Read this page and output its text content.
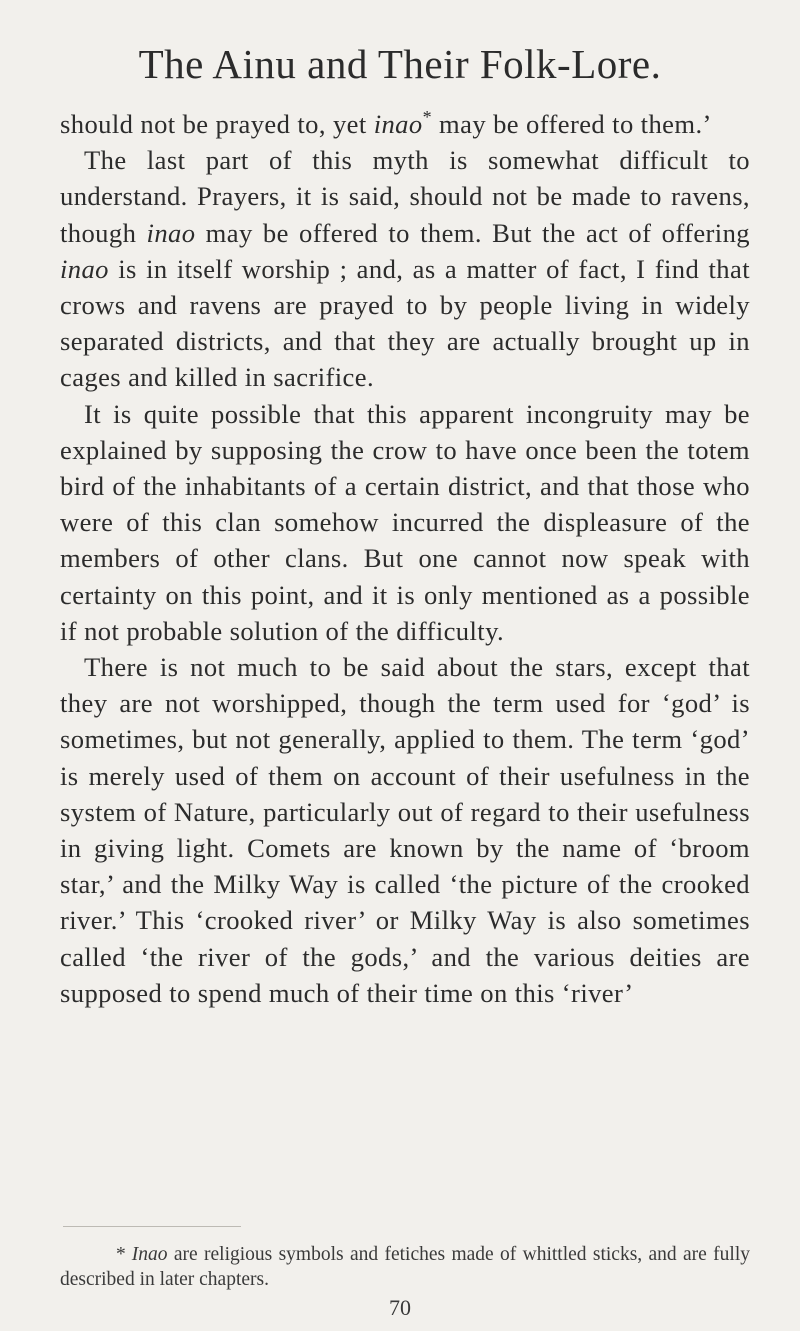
The Ainu and Their Folk-Lore.

should not be prayed to, yet inao* may be offered to them.’

The last part of this myth is somewhat difficult to understand. Prayers, it is said, should not be made to ravens, though inao may be offered to them. But the act of offering inao is in itself worship ; and, as a matter of fact, I find that crows and ravens are prayed to by people living in widely separated districts, and that they are actually brought up in cages and killed in sacrifice.

It is quite possible that this apparent incongruity may be explained by supposing the crow to have once been the totem bird of the inhabitants of a certain district, and that those who were of this clan somehow incurred the displeasure of the members of other clans. But one cannot now speak with certainty on this point, and it is only mentioned as a possible if not probable solution of the difficulty.

There is not much to be said about the stars, except that they are not worshipped, though the term used for ‘god’ is sometimes, but not generally, applied to them. The term ‘god’ is merely used of them on account of their usefulness in the system of Nature, particularly out of regard to their usefulness in giving light. Comets are known by the name of ‘broom star,’ and the Milky Way is called ‘the picture of the crooked river.’ This ‘crooked river’ or Milky Way is also sometimes called ‘the river of the gods,’ and the various deities are supposed to spend much of their time on this ‘river’

* Inao are religious symbols and fetiches made of whittled sticks, and are fully described in later chapters.
70
